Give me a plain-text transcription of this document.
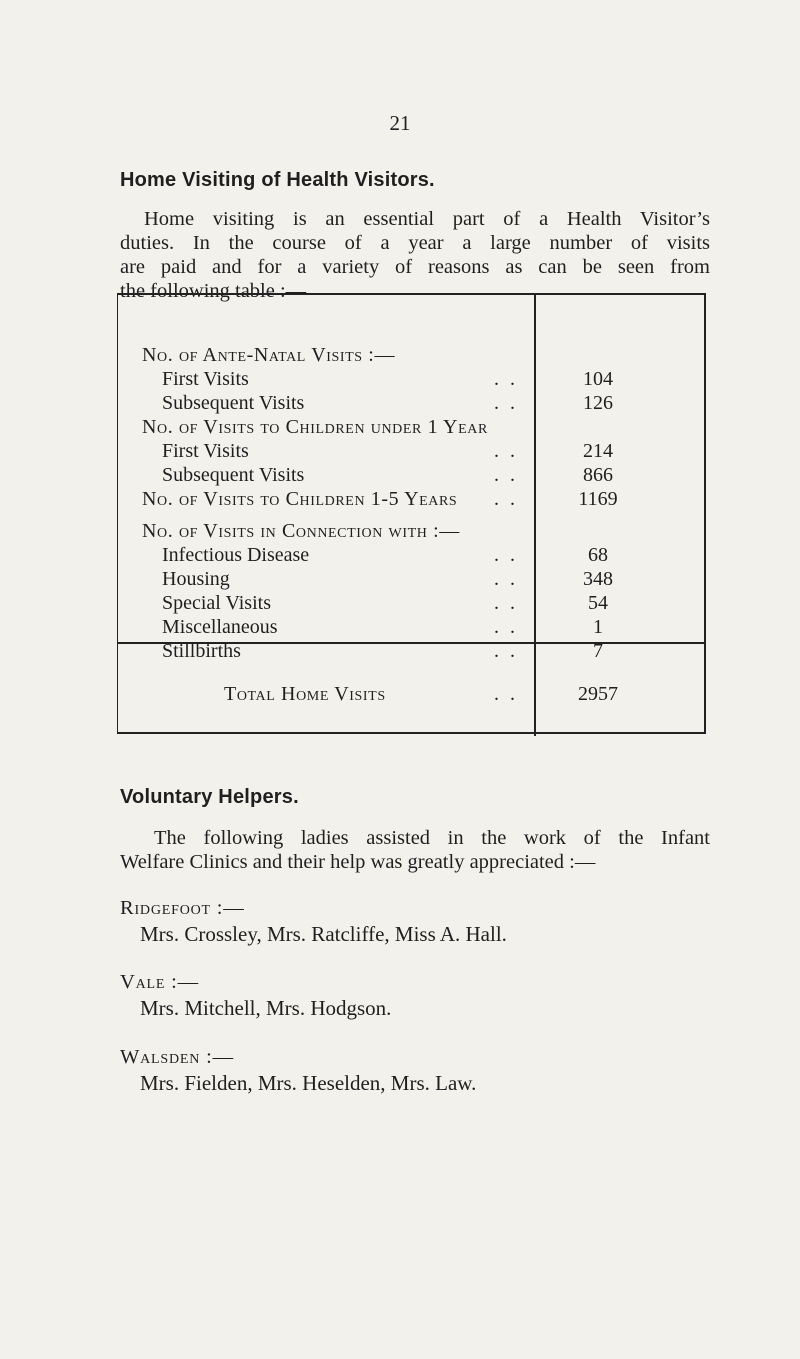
21
Home Visiting of Health Visitors.
Home visiting is an essential part of a Health Visitor’s
duties. In the course of a year a large number of visits
are paid and for a variety of reasons as can be seen from
the following table :—
No. of Ante-Natal Visits :—
First Visits	. .	104
Subsequent Visits	. .	126
No. of Visits to Children under 1 Year
First Visits	. .	214
Subsequent Visits	. .	866
No. of Visits to Children 1-5 Years . .	1169
No. of Visits in Connection with :—
Infectious Disease	. .	68
Housing	. .	348
Special Visits	. .	54
Miscellaneous	. .	1
Stillbirths	. .	7
Total Home Visits	. .	2957
Voluntary Helpers.
The following ladies assisted in the work of the Infant
Welfare Clinics and their help was greatly appreciated :—
Ridgefoot :—
Mrs. Crossley, Mrs. Ratcliffe, Miss A. Hall.
Vale :—
Mrs. Mitchell, Mrs. Hodgson.
Walsden :—
Mrs. Fielden, Mrs. Heselden, Mrs. Law.
